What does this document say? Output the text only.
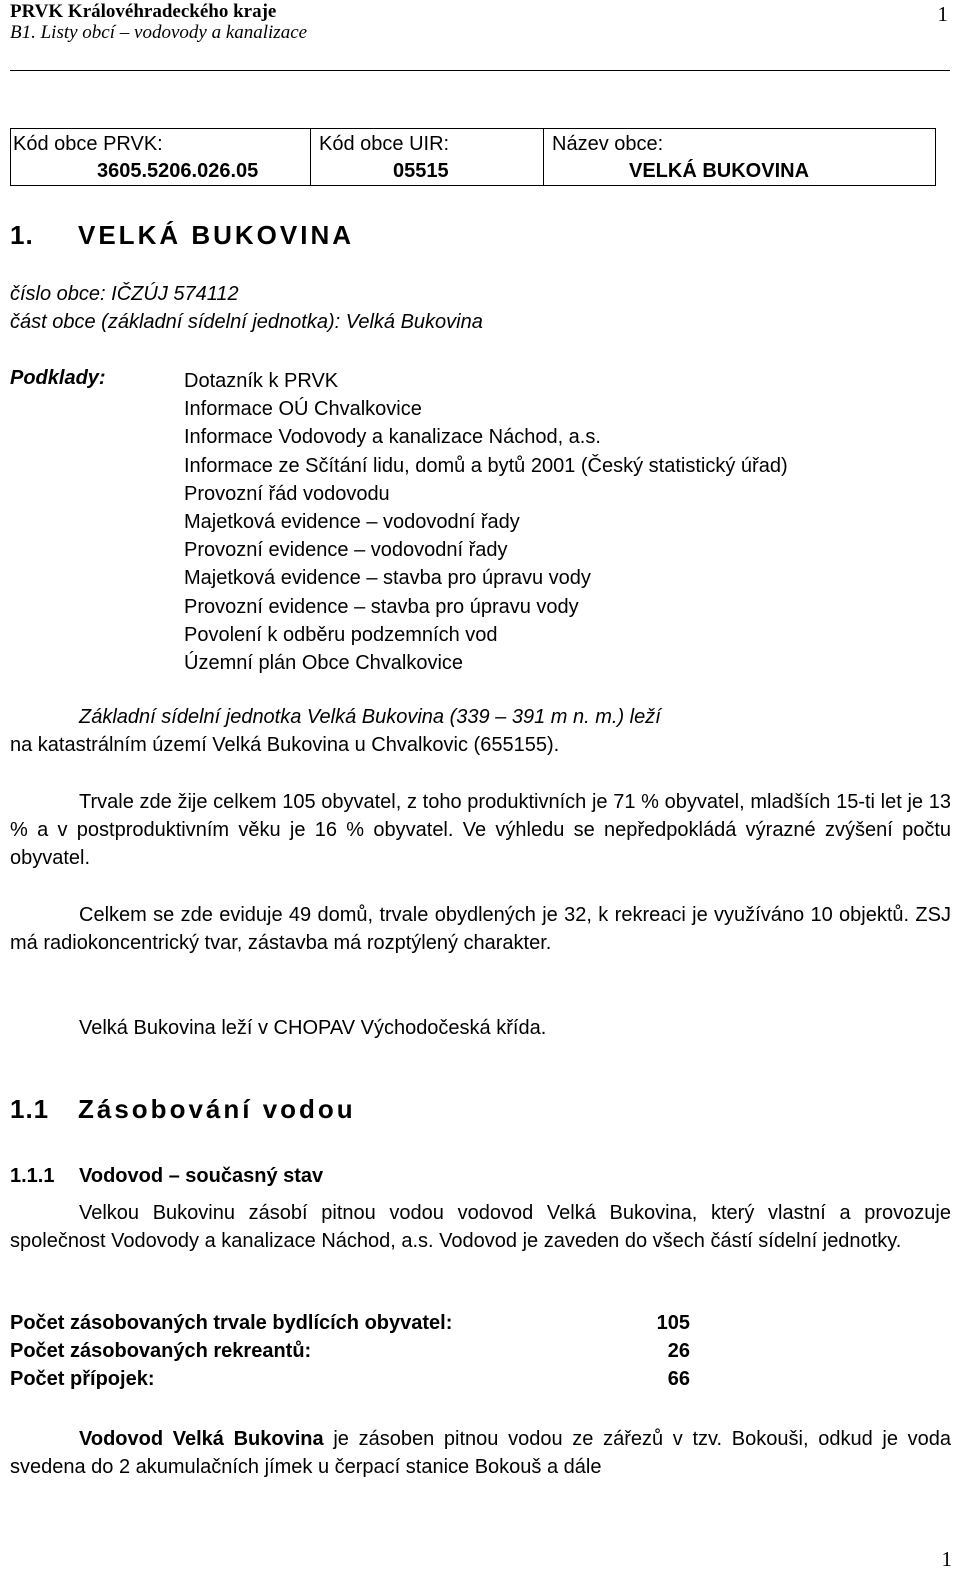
PRVK Královéhradeckého kraje
B1. Listy obcí – vodovody a kanalizace
1
Kód obce PRVK:
3605.5206.026.05
Kód obce UIR:
05515
Název obce:
VELKÁ BUKOVINA
1. VELKÁ BUKOVINA
číslo obce: IČZÚJ 574112
část obce (základní sídelní jednotka): Velká Bukovina
Podklady:	Dotazník k PRVK
Informace OÚ Chvalkovice
Informace Vodovody a kanalizace Náchod, a.s.
Informace ze Sčítání lidu, domů a bytů 2001 (Český statistický úřad)
Provozní řád vodovodu
Majetková evidence – vodovodní řady
Provozní evidence – vodovodní řady
Majetková evidence – stavba pro úpravu vody
Provozní evidence – stavba pro úpravu vody
Povolení k odběru podzemních vod
Územní plán Obce Chvalkovice
Základní sídelní jednotka Velká Bukovina (339 – 391 m n. m.) leží
na katastrálním území Velká Bukovina u Chvalkovic (655155).
Trvale zde žije celkem 105 obyvatel, z toho produktivních je 71 % obyvatel, mladších 15-ti let je 13 % a v postproduktivním věku je 16 % obyvatel. Ve výhledu se nepředpokládá výrazné zvýšení počtu obyvatel.
Celkem se zde eviduje 49 domů, trvale obydlených je 32, k rekreaci je využíváno 10 objektů. ZSJ má radiokoncentrický tvar, zástavba má rozptýlený charakter.
Velká Bukovina leží v CHOPAV Východočeská křída.
1.1 Zásobování vodou
1.1.1 Vodovod – současný stav
Velkou Bukovinu zásobí pitnou vodou vodovod Velká Bukovina, který vlastní a provozuje společnost Vodovody a kanalizace Náchod, a.s. Vodovod je zaveden do všech částí sídelní jednotky.
Počet zásobovaných trvale bydlících obyvatel:	105
Počet zásobovaných rekreantů:	26
Počet přípojek:	66
Vodovod Velká Bukovina je zásoben pitnou vodou ze zářezů v tzv. Bokouši, odkud je voda svedena do 2 akumulačních jímek u čerpací stanice Bokouš a dále
1
